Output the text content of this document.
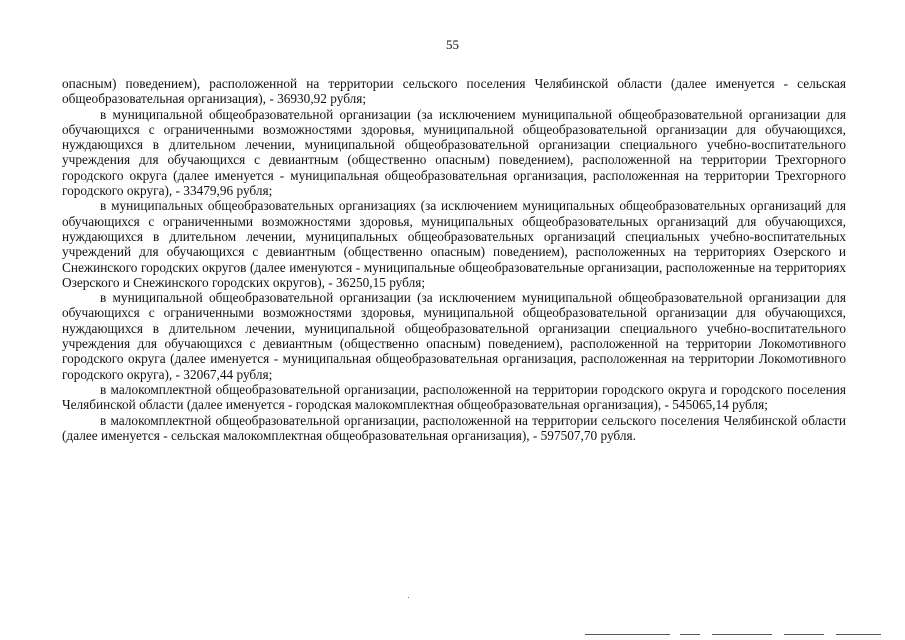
55

опасным) поведением), расположенной на территории сельского поселения Челябинской области (далее именуется - сельская общеобразовательная организация), - 36930,92 рубля;

в муниципальной общеобразовательной организации (за исключением муниципальной общеобразовательной организации для обучающихся с ограниченными возможностями здоровья, муниципальной общеобразовательной организации для обучающихся, нуждающихся в длительном лечении, муниципальной общеобразовательной организации специального учебно-воспитательного учреждения для обучающихся с девиантным (общественно опасным) поведением), расположенной на территории Трехгорного городского округа (далее именуется - муниципальная общеобразовательная организация, расположенная на территории Трехгорного городского округа), - 33479,96 рубля;

в муниципальных общеобразовательных организациях (за исключением муниципальных общеобразовательных организаций для обучающихся с ограниченными возможностями здоровья, муниципальных общеобразовательных организаций для обучающихся, нуждающихся в длительном лечении, муниципальных общеобразовательных организаций специальных учебно-воспитательных учреждений для обучающихся с девиантным (общественно опасным) поведением), расположенных на территориях Озерского и Снежинского городских округов (далее именуются - муниципальные общеобразовательные организации, расположенные на территориях Озерского и Снежинского городских округов), - 36250,15 рубля;

в муниципальной общеобразовательной организации (за исключением муниципальной общеобразовательной организации для обучающихся с ограниченными возможностями здоровья, муниципальной общеобразовательной организации для обучающихся, нуждающихся в длительном лечении, муниципальной общеобразовательной организации специального учебно-воспитательного учреждения для обучающихся с девиантным (общественно опасным) поведением), расположенной на территории Локомотивного городского округа (далее именуется - муниципальная общеобразовательная организация, расположенная на территории Локомотивного городского округа), - 32067,44 рубля;

в малокомплектной общеобразовательной организации, расположенной на территории городского округа и городского поселения Челябинской области (далее именуется - городская малокомплектная общеобразовательная организация), - 545065,14 рубля;

в малокомплектной общеобразовательной организации, расположенной на территории сельского поселения Челябинской области (далее именуется - сельская малокомплектная общеобразовательная организация), - 597507,70 рубля.
